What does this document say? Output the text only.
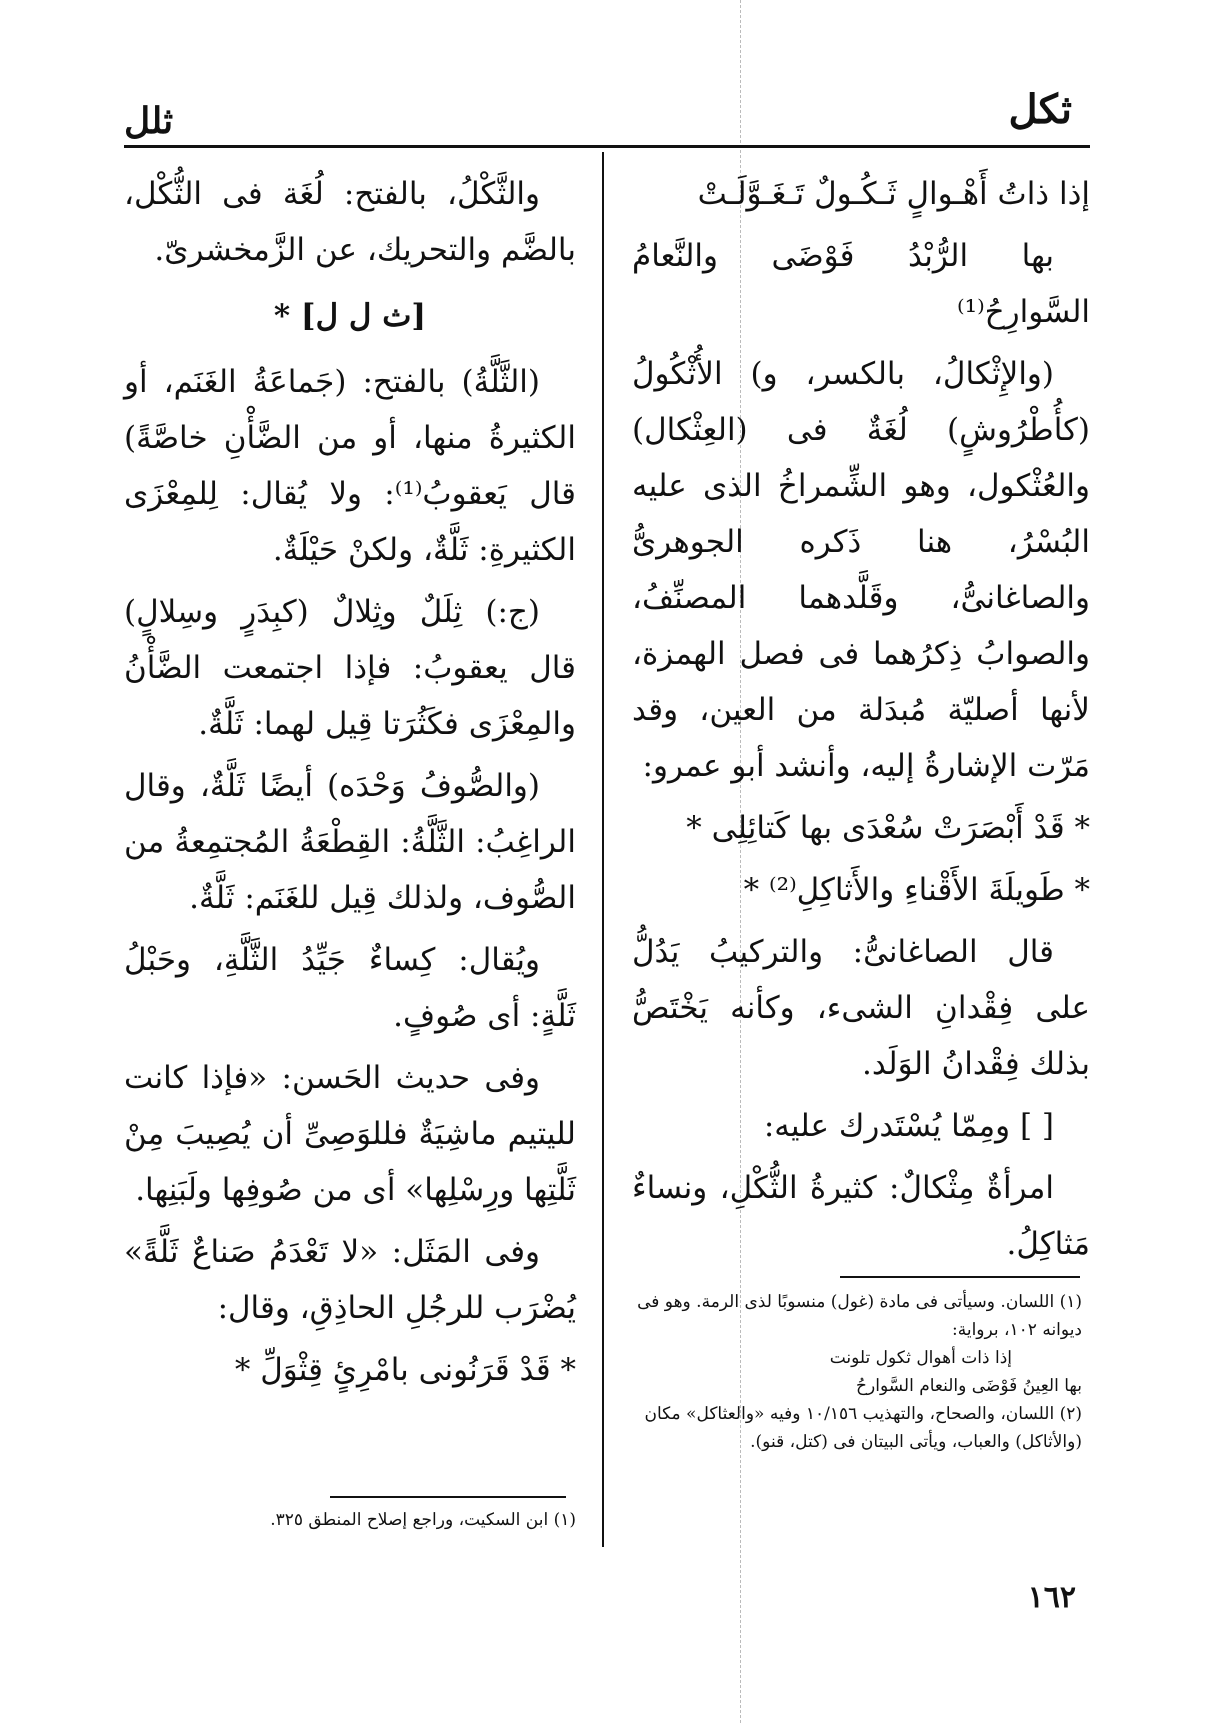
ثكل
ثلل

إذا ذاتُ أَهْـوالٍ ثَـكُـولٌ تَـغَـوَّلَـتْ

بها الرُّبْدُ فَوْضَى والنَّعامُ السَّوارِحُ⁽¹⁾

(والإِثْكالُ، بالكسر، و) الأُثْكُولُ (كأُطْرُوشٍ) لُغَةٌ فى (العِثْكال) والعُثْكول، وهو الشِّمراخُ الذى عليه البُسْرُ، هنا ذَكره الجوهرىُّ والصاغانىُّ، وقَلَّدهما المصنِّفُ، والصوابُ ذِكرُهما فى فصل الهمزة، لأنها أصليّة مُبدَلة من العين، وقد مَرّت الإشارةُ إليه، وأنشد أبو عمرو:

* قَدْ أَبْصَرَتْ سُعْدَى بها كَتائِلِى *

* طَويلَةَ الأَقْناءِ والأَثاكِلِ⁽²⁾ *

قال الصاغانىُّ: والتركيبُ يَدُلُّ على فِقْدانِ الشىء، وكأنه يَخْتَصُّ بذلك فِقْدانُ الوَلَد.

[ ] ومِمّا يُسْتَدرك عليه:

امرأةٌ مِثْكالٌ: كثيرةُ الثُّكْلِ، ونساءٌ مَثاكِلُ.

والثَّكْلُ، بالفتح: لُغَة فى الثُّكْل، بالضَّم والتحريك، عن الزَّمخشرىّ.

[ث ل ل] *

(الثَّلَّةُ) بالفتح: (جَماعَةُ الغَنَم، أو الكثيرةُ منها، أو من الضَّأْنِ خاصَّةً) قال يَعقوبُ⁽¹⁾: ولا يُقال: لِلمِعْزَى الكثيرةِ: ثَلَّةٌ، ولكنْ حَيْلَةٌ.

(ج:) ثِلَلٌ وثِلالٌ (كبِدَرٍ وسِلالٍ) قال يعقوبُ: فإذا اجتمعت الضَّأْنُ والمِعْزَى فكَثُرَتا قِيل لهما: ثَلَّةٌ.

(والصُّوفُ وَحْدَه) أيضًا ثَلَّةٌ، وقال الراغِبُ: الثَّلَّةُ: القِطْعَةُ المُجتمِعةُ من الصُّوف، ولذلك قِيل للغَنَم: ثَلَّةٌ.

ويُقال: كِساءٌ جَيِّدُ الثَّلَّةِ، وحَبْلُ ثَلَّةٍ: أى صُوفٍ.

وفى حديث الحَسن: «فإذا كانت لليتيم ماشِيَةٌ فللوَصِىِّ أن يُصِيبَ مِنْ ثَلَّتِها ورِسْلِها» أى من صُوفِها ولَبَنِها.

وفى المَثَل: «لا تَعْدَمُ صَناعٌ ثَلَّةً» يُضْرَب للرجُلِ الحاذِقِ، وقال:

* قَدْ قَرَنُونى بامْرِئٍ قِثْوَلِّ *

(١) اللسان. وسيأتى فى مادة (غول) منسوبًا لذى الرمة. وهو فى ديوانه ١٠٢، برواية:

إذا ذات أهوال ثكول تلونت

بها العِينُ فَوْضَى والنعام السَّوارحُ

(٢) اللسان، والصحاح، والتهذيب ١٠/١٥٦ وفيه «والعثاكل» مكان (والأثاكل) والعباب، ويأتى البيتان فى (كتل، قنو).

(١) ابن السكيت، وراجع إصلاح المنطق ٣٢٥.

١٦٢
